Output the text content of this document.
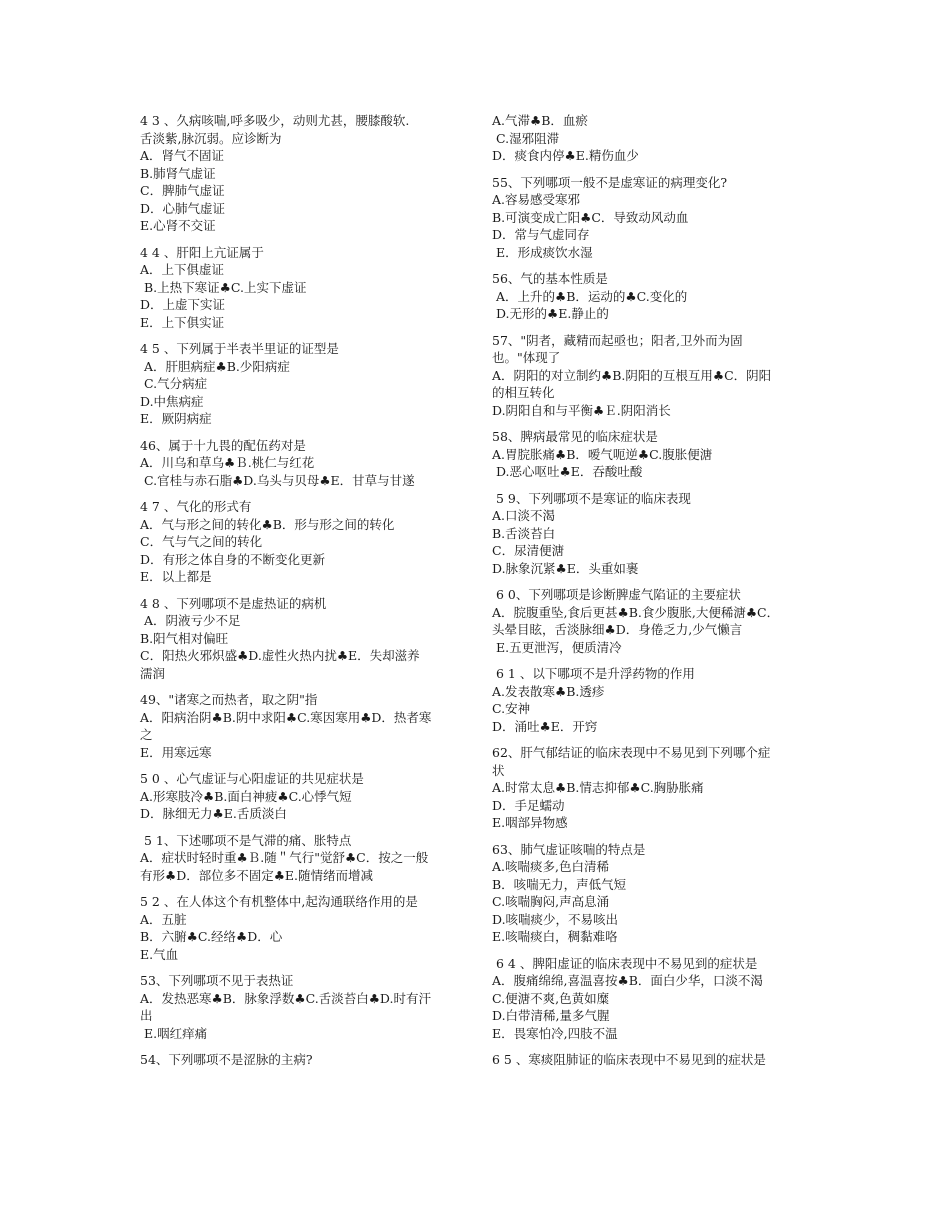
4 3 、久病咳喘,呼多吸少，动则尤甚，腰膝酸软.
舌淡紫,脉沉弱。应诊断为
A．肾气不固证
B.肺肾气虚证
C．脾肺气虚证
D．心肺气虚证
E.心肾不交证
4 4 、肝阳上亢证属于
A．上下俱虚证
B.上热下寒证♣C.上实下虚证
D．上虚下实证
E．上下俱实证
4 5 、下列属于半表半里证的证型是
A．肝胆病症♣B.少阳病症
C.气分病症
D.中焦病症
E．厥阴病症
46、属于十九畏的配伍药对是
A．川乌和草乌♣Ｂ.桃仁与红花
C.官桂与赤石脂♣D.乌头与贝母♣E．甘草与甘遂
4 7 、气化的形式有
A．气与形之间的转化♣B．形与形之间的转化
C．气与气之间的转化
D．有形之体自身的不断变化更新
E．以上都是
4 8 、下列哪项不是虚热证的病机
A．阴液亏少不足
B.阳气相对偏旺
C．阳热火邪炽盛♣D.虚性火热内扰♣E．失却滋养
濡润
49、"诸寒之而热者，取之阴"指
A．阳病治阴♣B.阴中求阳♣C.寒因寒用♣D．热者寒
之
E．用寒远寒
5 0 、心气虚证与心阳虚证的共见症状是
A.形寒肢冷♣B.面白神疲♣C.心悸气短
D．脉细无力♣E.舌质淡白
5 1、下述哪项不是气滞的痛、胀特点
A．症状时轻时重♣Ｂ.随＂气行"觉舒♣C．按之一般
有形♣D．部位多不固定♣E.随情绪而增减
5 2 、在人体这个有机整体中,起沟通联络作用的是
A．五脏
B．六腑♣C.经络♣D．心
E.气血
53、下列哪项不见于表热证
A．发热恶寒♣B．脉象浮数♣C.舌淡苔白♣D.时有汗
出
E.咽红痒痛
54、下列哪项不是涩脉的主病?
A.气滞♣B．血瘀
C.湿邪阻滞
D．痰食内停♣E.精伤血少
55、下列哪项一般不是虚寒证的病理变化?
A.容易感受寒邪
B.可演变成亡阳♣C．导致动风动血
D．常与气虚同存
E．形成痰饮水湿
56、气的基本性质是
A．上升的♣B．运动的♣C.变化的
D.无形的♣E.静止的
57、"阴者，藏精而起亟也；阳者,卫外而为固
也。"体现了
A．阴阳的对立制约♣B.阴阳的互根互用♣C．阴阳
的相互转化
D.阴阳自和与平衡♣Ｅ.阴阳消长
58、脾病最常见的临床症状是
A.胃脘胀痛♣B．嗳气呃逆♣C.腹胀便溏
D.恶心呕吐♣E．吞酸吐酸
5 9、下列哪项不是寒证的临床表现
A.口淡不渴
B.舌淡苔白
C．尿清便溏
D.脉象沉紧♣E．头重如裹
6 0、下列哪项是诊断脾虚气陷证的主要症状
A．脘腹重坠,食后更甚♣B.食少腹胀,大便稀溏♣C．
头晕目眩，舌淡脉细♣D．身倦乏力,少气懒言
E.五更泄泻，便质清冷
6 1 、以下哪项不是升浮药物的作用
A.发表散寒♣B.透疹
C.安神
D．涌吐♣E．开窍
62、肝气郁结证的临床表现中不易见到下列哪个症
状
A.时常太息♣B.情志抑郁♣C.胸胁胀痛
D．手足蠕动
E.咽部异物感
63、肺气虚证咳喘的特点是
A.咳喘痰多,色白清稀
B．咳喘无力，声低气短
C.咳喘胸闷,声高息涌
D.咳喘痰少，不易咳出
E.咳喘痰白，稠黏难咯
6 4 、脾阳虚证的临床表现中不易见到的症状是
A．腹痛绵绵,喜温喜按♣B．面白少华，口淡不渴
C.便溏不爽,色黄如糜
D.白带清稀,量多气腥
E．畏寒怕冷,四肢不温
6 5 、寒痰阻肺证的临床表现中不易见到的症状是
